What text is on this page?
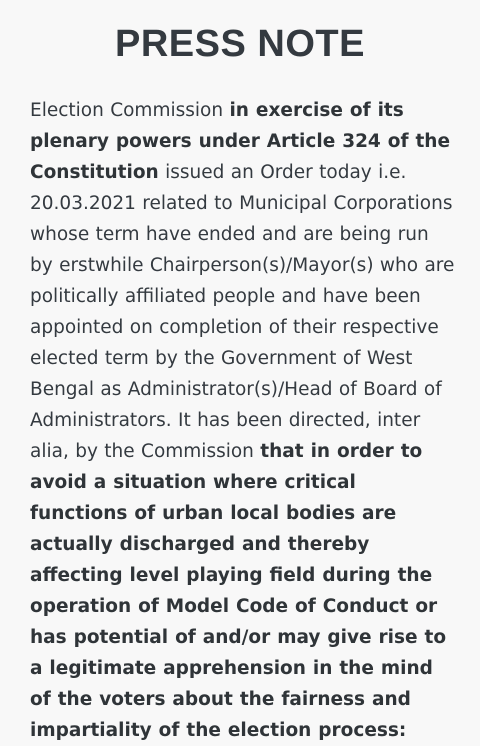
PRESS NOTE

Election Commission in exercise of its plenary powers under Article 324 of the Constitution issued an Order today i.e. 20.03.2021 related to Municipal Corporations whose term have ended and are being run by erstwhile Chairperson(s)/Mayor(s) who are politically affiliated people and have been appointed on completion of their respective elected term by the Government of West Bengal as Administrator(s)/Head of Board of Administrators. It has been directed, inter alia, by the Commission that in order to avoid a situation where critical functions of urban local bodies are actually discharged and thereby affecting level playing field during the operation of Model Code of Conduct or has potential of and/or may give rise to a legitimate apprehension in the mind of the voters about the fairness and impartiality of the election process:
